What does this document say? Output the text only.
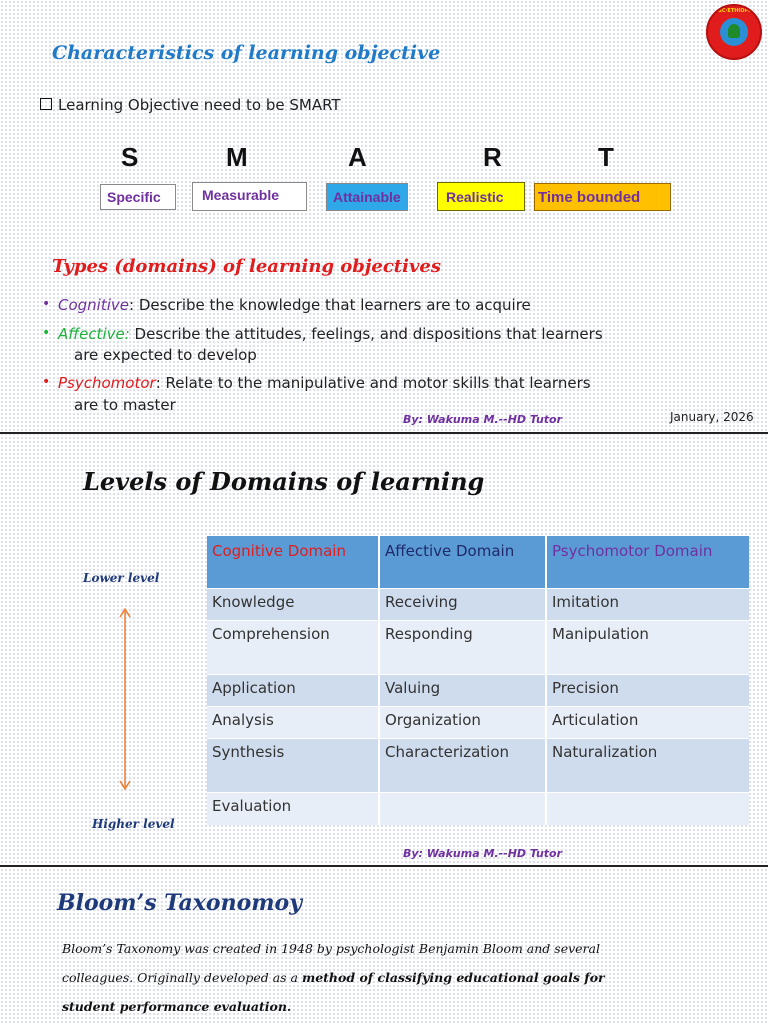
Characteristics of learning objective
DSC·ETHIOPIA
Learning Objective need to be SMART
S	M	A	R	T
Specific	Measurable	Attainable	Realistic	Time bounded
Types (domains) of learning objectives
• Cognitive: Describe the knowledge that learners are to acquire
• Affective: Describe the attitudes, feelings, and dispositions that learners
are expected to develop
• Psychomotor: Relate to the manipulative and motor skills that learners
are to master
By: Wakuma M.--HD Tutor	January, 2026
Levels of Domains of learning
Lower level
Higher level
Cognitive Domain	Affective Domain	Psychomotor Domain
Knowledge	Receiving	Imitation
Comprehension	Responding	Manipulation
Application	Valuing	Precision
Analysis	Organization	Articulation
Synthesis	Characterization	Naturalization
Evaluation		
By: Wakuma M.--HD Tutor
Bloom’s Taxonomoy
Bloom’s Taxonomy was created in 1948 by psychologist Benjamin Bloom and several
colleagues. Originally developed as a method of classifying educational goals for
student performance evaluation.
